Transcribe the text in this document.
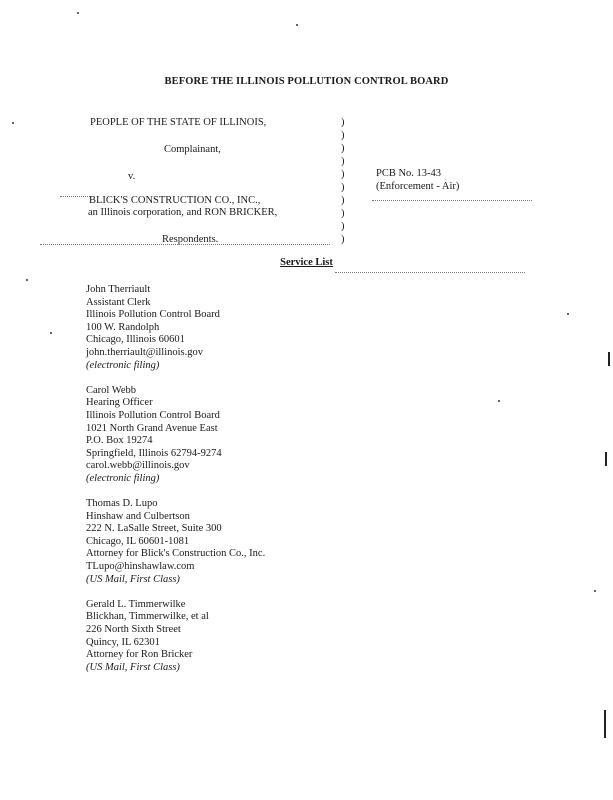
BEFORE THE ILLINOIS POLLUTION CONTROL BOARD
PEOPLE OF THE STATE OF ILLINOIS,
Complainant,
v.
BLICK'S CONSTRUCTION CO., INC.,
an Illinois corporation, and RON BRICKER,
Respondents.
)
)
)
)
)
)
)
)
)
)
PCB No. 13-43
(Enforcement - Air)
Service List
John Therriault
Assistant Clerk
Illinois Pollution Control Board
100 W. Randolph
Chicago, Illinois 60601
john.therriault@illinois.gov
(electronic filing)
Carol Webb
Hearing Officer
Illinois Pollution Control Board
1021 North Grand Avenue East
P.O. Box 19274
Springfield, Illinois 62794-9274
carol.webb@illinois.gov
(electronic filing)
Thomas D. Lupo
Hinshaw and Culbertson
222 N. LaSalle Street, Suite 300
Chicago, IL 60601-1081
Attorney for Blick's Construction Co., Inc.
TLupo@hinshawlaw.com
(US Mail, First Class)
Gerald L. Timmerwilke
Blickhan, Timmerwilke, et al
226 North Sixth Street
Quincy, IL 62301
Attorney for Ron Bricker
(US Mail, First Class)
